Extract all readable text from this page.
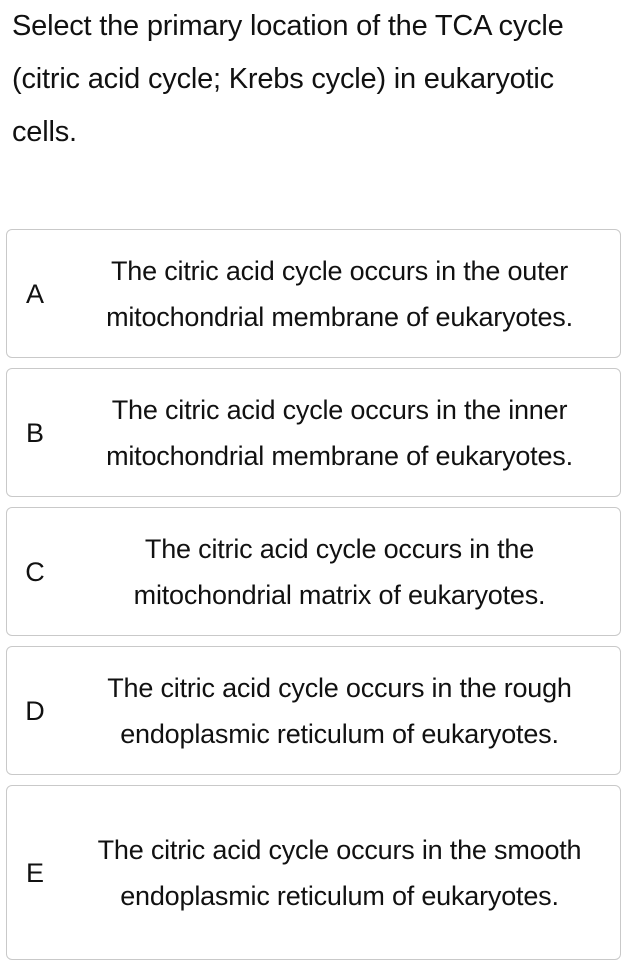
Select the primary location of the TCA cycle (citric acid cycle; Krebs cycle) in eukaryotic cells.
A
The citric acid cycle occurs in the outer mitochondrial membrane of eukaryotes.
B
The citric acid cycle occurs in the inner mitochondrial membrane of eukaryotes.
C
The citric acid cycle occurs in the mitochondrial matrix of eukaryotes.
D
The citric acid cycle occurs in the rough endoplasmic reticulum of eukaryotes.
E
The citric acid cycle occurs in the smooth endoplasmic reticulum of eukaryotes.
